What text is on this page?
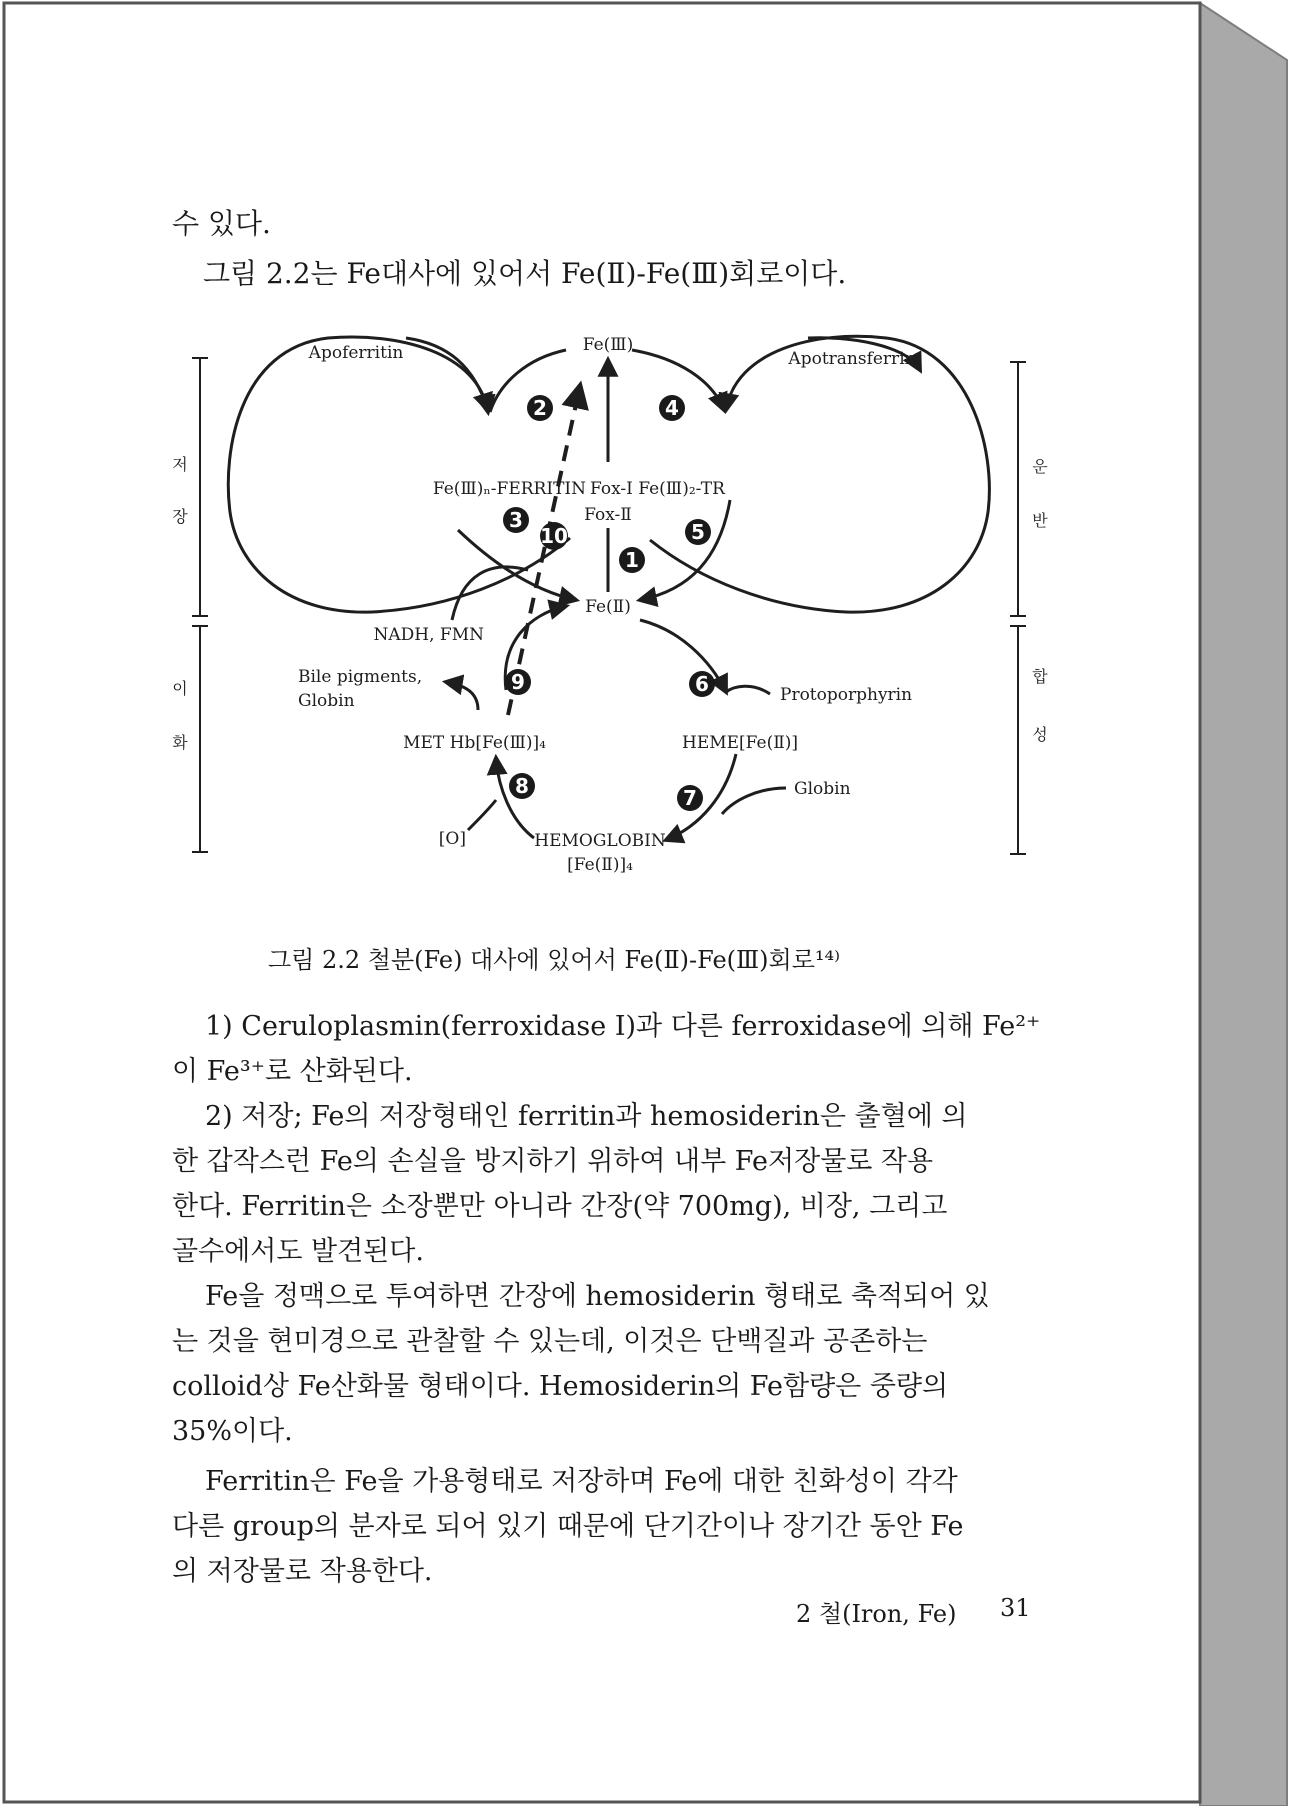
수 있다.
그림 2.2는 Fe대사에 있어서 Fe(Ⅱ)-Fe(Ⅲ)회로이다.
저
장
이
화
운
반
합
성
Fe(Ⅲ)
Apoferritin	Apotransferrin
Fe(Ⅲ)ₙ-FERRITIN Fox-I Fe(Ⅲ)₂-TR
Fox-Ⅱ
Fe(Ⅱ)
NADH, FMN
Bile pigments,
Globin	Protoporphyrin
MET Hb[Fe(Ⅲ)]₄	HEME[Fe(Ⅱ)]
Globin
[O]	HEMOGLOBIN
[Fe(Ⅱ)]₄
1
2
3
4
5
6
7
8
9
10
그림 2.2 철분(Fe) 대사에 있어서 Fe(Ⅱ)-Fe(Ⅲ)회로¹⁴⁾
1) Ceruloplasmin(ferroxidase Ⅰ)과 다른 ferroxidase에 의해 Fe²⁺
이 Fe³⁺로 산화된다.
2) 저장; Fe의 저장형태인 ferritin과 hemosiderin은 출혈에 의
한 갑작스런 Fe의 손실을 방지하기 위하여 내부 Fe저장물로 작용
한다. Ferritin은 소장뿐만 아니라 간장(약 700mg), 비장, 그리고
골수에서도 발견된다.
Fe을 정맥으로 투여하면 간장에 hemosiderin 형태로 축적되어 있
는 것을 현미경으로 관찰할 수 있는데, 이것은 단백질과 공존하는
colloid상 Fe산화물 형태이다. Hemosiderin의 Fe함량은 중량의
35%이다.
Ferritin은 Fe을 가용형태로 저장하며 Fe에 대한 친화성이 각각
다른 group의 분자로 되어 있기 때문에 단기간이나 장기간 동안 Fe
의 저장물로 작용한다.
2 철(Iron, Fe) 31
